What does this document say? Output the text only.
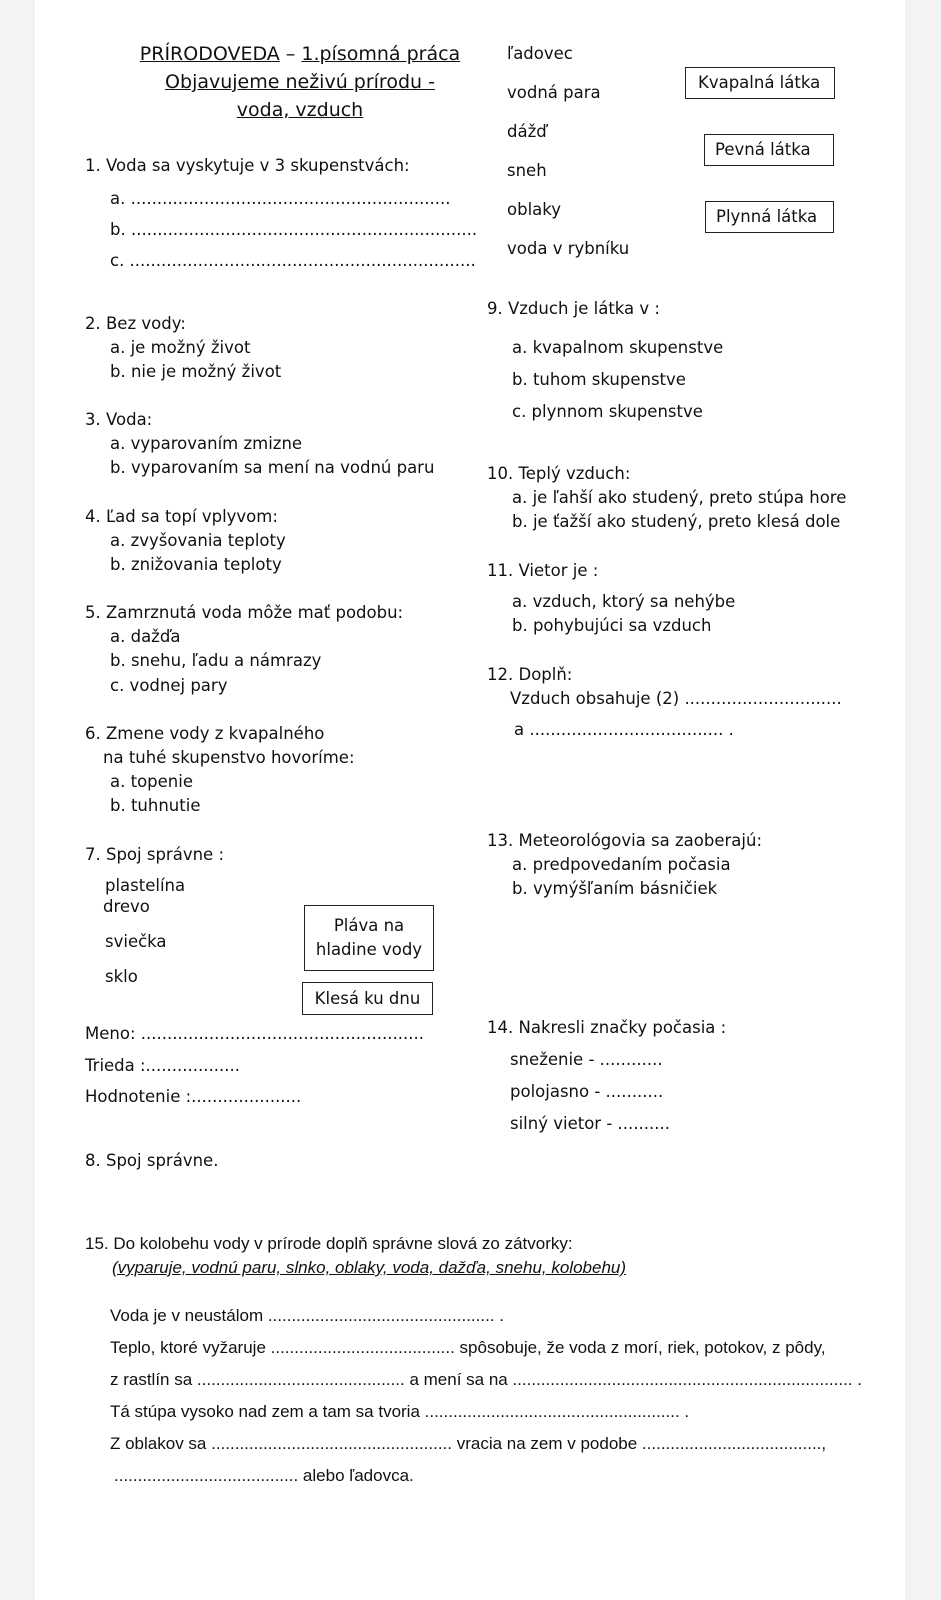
PRÍRODOVEDA – 1.písomná práca
Objavujeme neživú prírodu -
voda, vzduch
1. Voda sa vyskytuje v 3 skupenstvách:
a. .............................................................
b. ..................................................................
c. ..................................................................
2. Bez vody:
a. je možný život
b. nie je možný život
3. Voda:
a. vyparovaním zmizne
b. vyparovaním sa mení na vodnú paru
4. Ľad sa topí vplyvom:
a. zvyšovania teploty
b. znižovania teploty
5. Zamrznutá voda môže mať podobu:
a. dažďa
b. snehu, ľadu a námrazy
c. vodnej pary
6. Zmene vody z kvapalného
na tuhé skupenstvo hovoríme:
a. topenie
b. tuhnutie
7. Spoj správne :
plastelína
drevo
sviečka
sklo
Pláva na
hladine vody
Klesá ku dnu
Meno: ......................................................
Trieda :..................
Hodnotenie :.....................
8. Spoj správne.
ľadovec
vodná para
dážď
sneh
oblaky
voda v rybníku
Kvapalná látka
Pevná látka
Plynná látka
9. Vzduch je látka v :
a. kvapalnom skupenstve
b. tuhom skupenstve
c. plynnom skupenstve
10. Teplý vzduch:
a. je ľahší ako studený, preto stúpa hore
b. je ťažší ako studený, preto klesá dole
11. Vietor je :
a. vzduch, ktorý sa nehýbe
b. pohybujúci sa vzduch
12. Doplň:
Vzduch obsahuje (2) ..............................
a ..................................... .
13. Meteorológovia sa zaoberajú:
a. predpovedaním počasia
b. vymýšľaním básničiek
14. Nakresli značky počasia :
sneženie - ............
polojasno - ...........
silný vietor - ..........
15. Do kolobehu vody v prírode doplň správne slová zo zátvorky:
(vyparuje, vodnú paru, slnko, oblaky, voda, dažďa, snehu, kolobehu)
Voda je v neustálom ................................................ .
Teplo, ktoré vyžaruje ....................................... spôsobuje, že voda z morí, riek, potokov, z pôdy,
z rastlín sa ............................................ a mení sa na ........................................................................ .
Tá stúpa vysoko nad zem a tam sa tvoria ...................................................... .
Z oblakov sa ................................................... vracia na zem v podobe ......................................,
....................................... alebo ľadovca.
